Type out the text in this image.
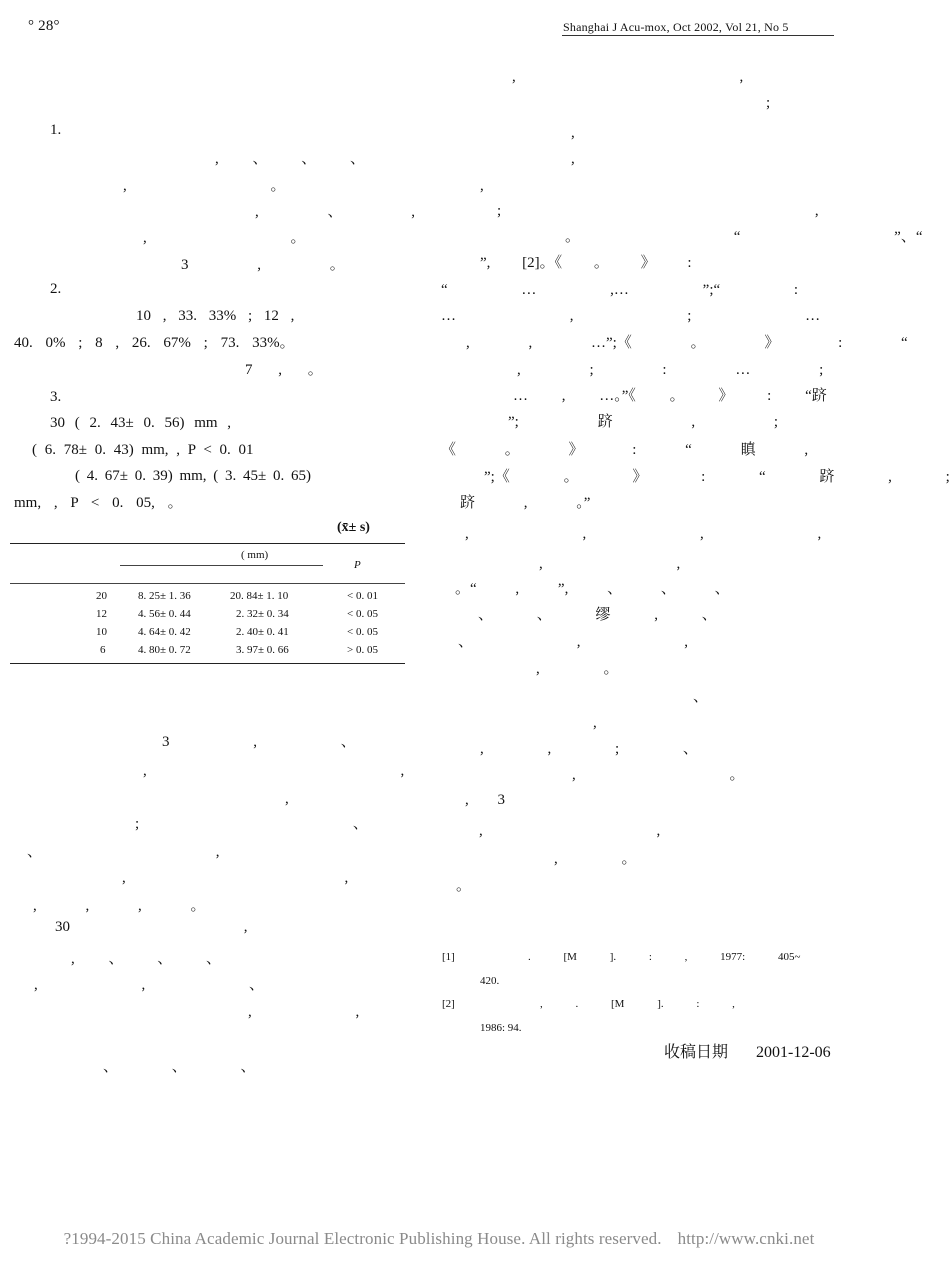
° 28°	Shanghai J Acu-mox, Oct 2002, Vol 21, No 5
1.
, 、 、 、
, 。
, 、 ,
, 。
3 , 。
2.
10 , 33. 33% ; 12 ,
40. 0% ; 8 , 26. 67% ; 73. 33%。
7 , 。
3.
30 ( 2. 43± 0. 56) mm ,
( 6. 78± 0. 43) mm, , P < 0. 01
( 4. 67± 0. 39) mm, ( 3. 45± 0. 65)
mm, , P < 0. 05, 。
(x̄± s)
( mm)
P
20	8. 25± 1. 36	20. 84± 1. 10	< 0. 01
12	4. 56± 0. 44	2. 32± 0. 34	< 0. 05
10	4. 64± 0. 42	2. 40± 0. 41	< 0. 05
6	4. 80± 0. 72	3. 97± 0. 66	> 0. 05
3 , 、
, ,
,
; 、
、 ,
, ,
, , , 。
30 ,
, 、 、 、
, , 、
, ,
、 、 、
, ,
;
,
,
,
; ,
。 “ ”、“
”, [2]。《 。 》 :
“ … ,… ”;“ :
… , ; …
, , …”;《 。 》 : “
, ; : … ;
… , …。”《 。 》 : “跻
”; 跻 , ;
《 。 》 : “ 瞋 ,
”;《 。 》 : “ 跻 , ;
跻 , 。”
, , , ,
, ,
。“ , ”, 、 、 、
、 、 缪 , 、
、 , ,
, 。
、
,
, , ; 、
, 。
, 3
, ,
, 。
。
[1]	. [M ]. : , 1977: 405~
420.
[2]	, . [M ]. : ,
1986: 94.
收稿日期 2001-12-06
?1994-2015 China Academic Journal Electronic Publishing House. All rights reserved. http://www.cnki.net
